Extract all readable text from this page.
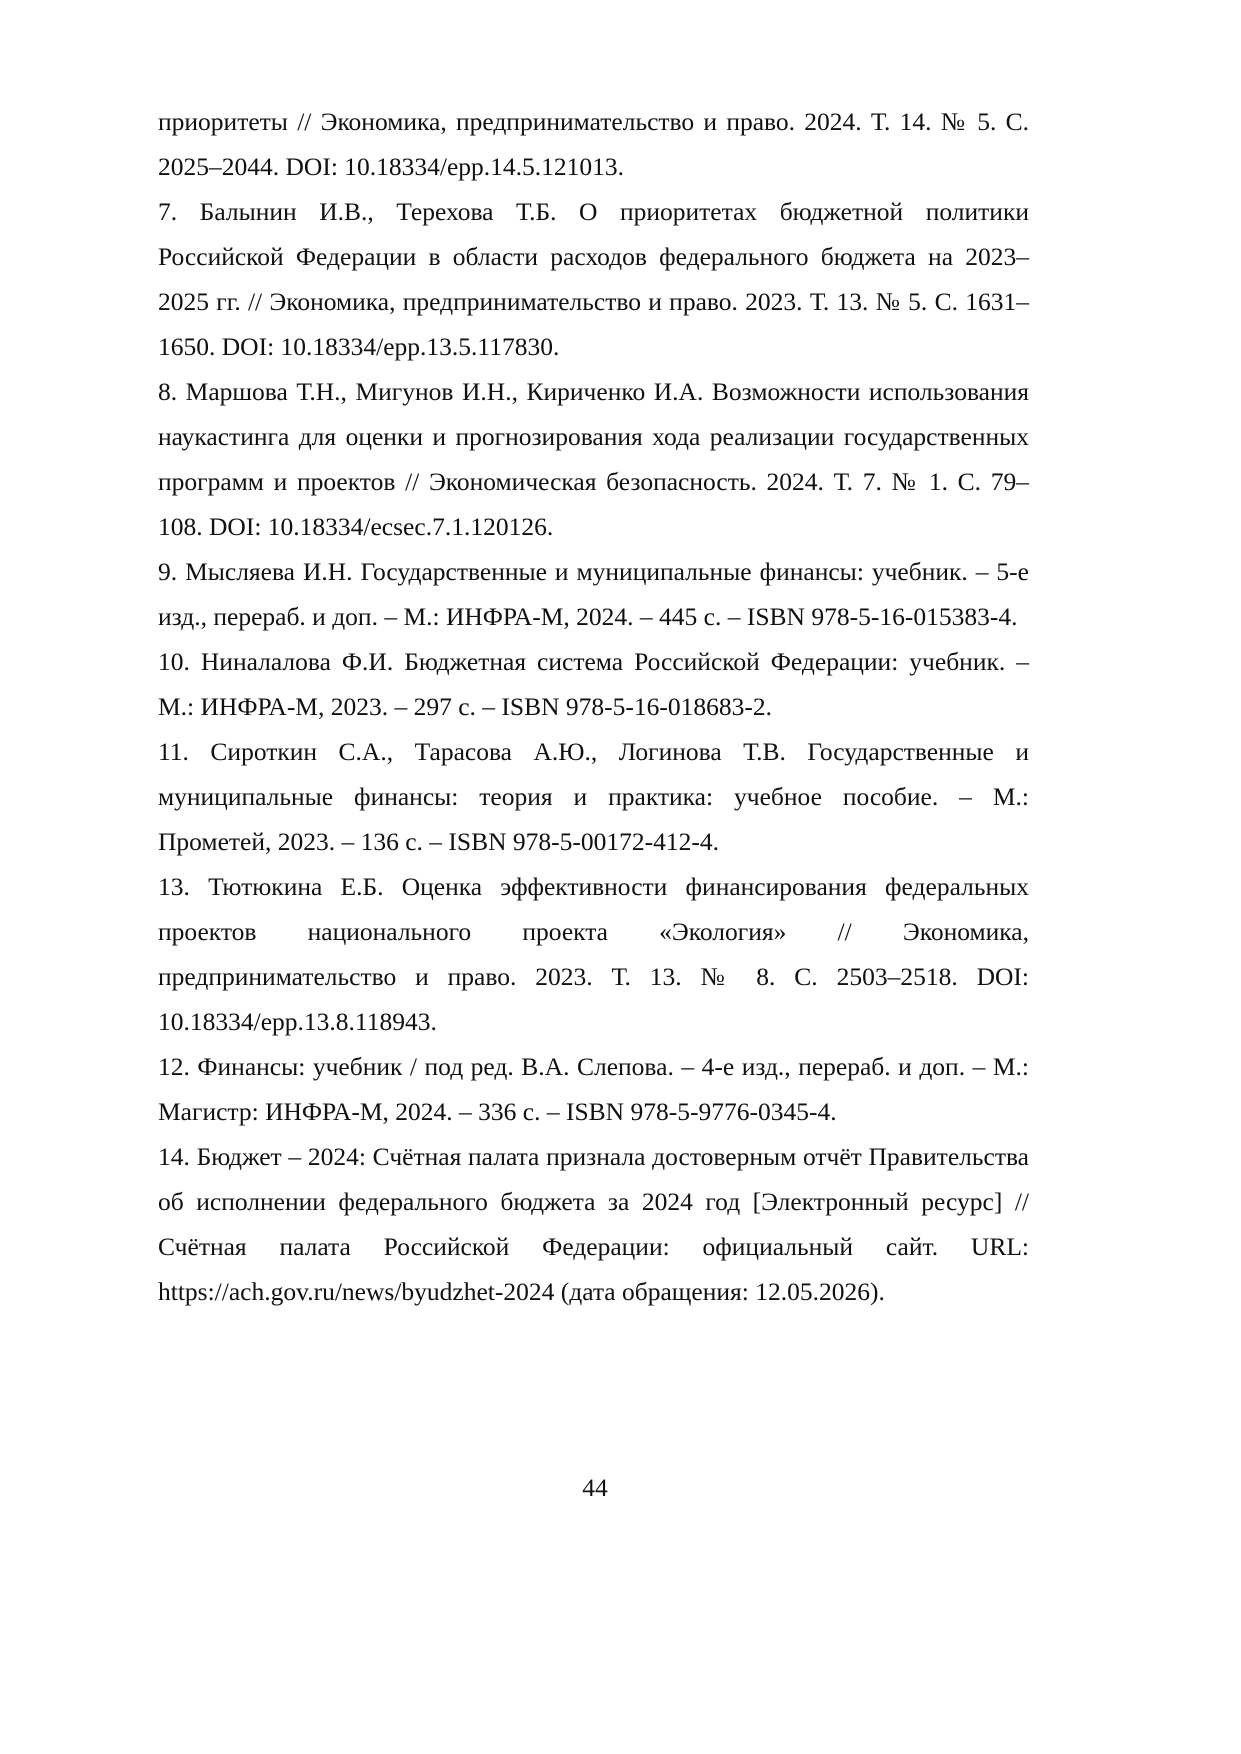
приоритеты // Экономика, предпринимательство и право. 2024. Т. 14. № 5. С. 2025–2044. DOI: 10.18334/epp.14.5.121013.

7. Балынин И.В., Терехова Т.Б. О приоритетах бюджетной политики Российской Федерации в области расходов федерального бюджета на 2023–2025 гг. // Экономика, предпринимательство и право. 2023. Т. 13. № 5. С. 1631–1650. DOI: 10.18334/epp.13.5.117830.

8. Маршова Т.Н., Мигунов И.Н., Кириченко И.А. Возможности использования наукастинга для оценки и прогнозирования хода реализации государственных программ и проектов // Экономическая безопасность. 2024. Т. 7. № 1. С. 79–108. DOI: 10.18334/ecsec.7.1.120126.

9. Мысляева И.Н. Государственные и муниципальные финансы: учебник. – 5-е изд., перераб. и доп. – М.: ИНФРА-М, 2024. – 445 с. – ISBN 978-5-16-015383-4.

10. Ниналалова Ф.И. Бюджетная система Российской Федерации: учебник. – М.: ИНФРА-М, 2023. – 297 с. – ISBN 978-5-16-018683-2.

11. Сироткин С.А., Тарасова А.Ю., Логинова Т.В. Государственные и муниципальные финансы: теория и практика: учебное пособие. – М.: Прометей, 2023. – 136 с. – ISBN 978-5-00172-412-4.

13. Тютюкина Е.Б. Оценка эффективности финансирования федеральных проектов национального проекта «Экология» // Экономика, предпринимательство и право. 2023. Т. 13. № 8. С. 2503–2518. DOI: 10.18334/epp.13.8.118943.

12. Финансы: учебник / под ред. В.А. Слепова. – 4-е изд., перераб. и доп. – М.: Магистр: ИНФРА-М, 2024. – 336 с. – ISBN 978-5-9776-0345-4.

14. Бюджет – 2024: Счётная палата признала достоверным отчёт Правительства об исполнении федерального бюджета за 2024 год [Электронный ресурс] // Счётная палата Российской Федерации: официальный сайт. URL: https://ach.gov.ru/news/byudzhet-2024 (дата обращения: 12.05.2026).

44
